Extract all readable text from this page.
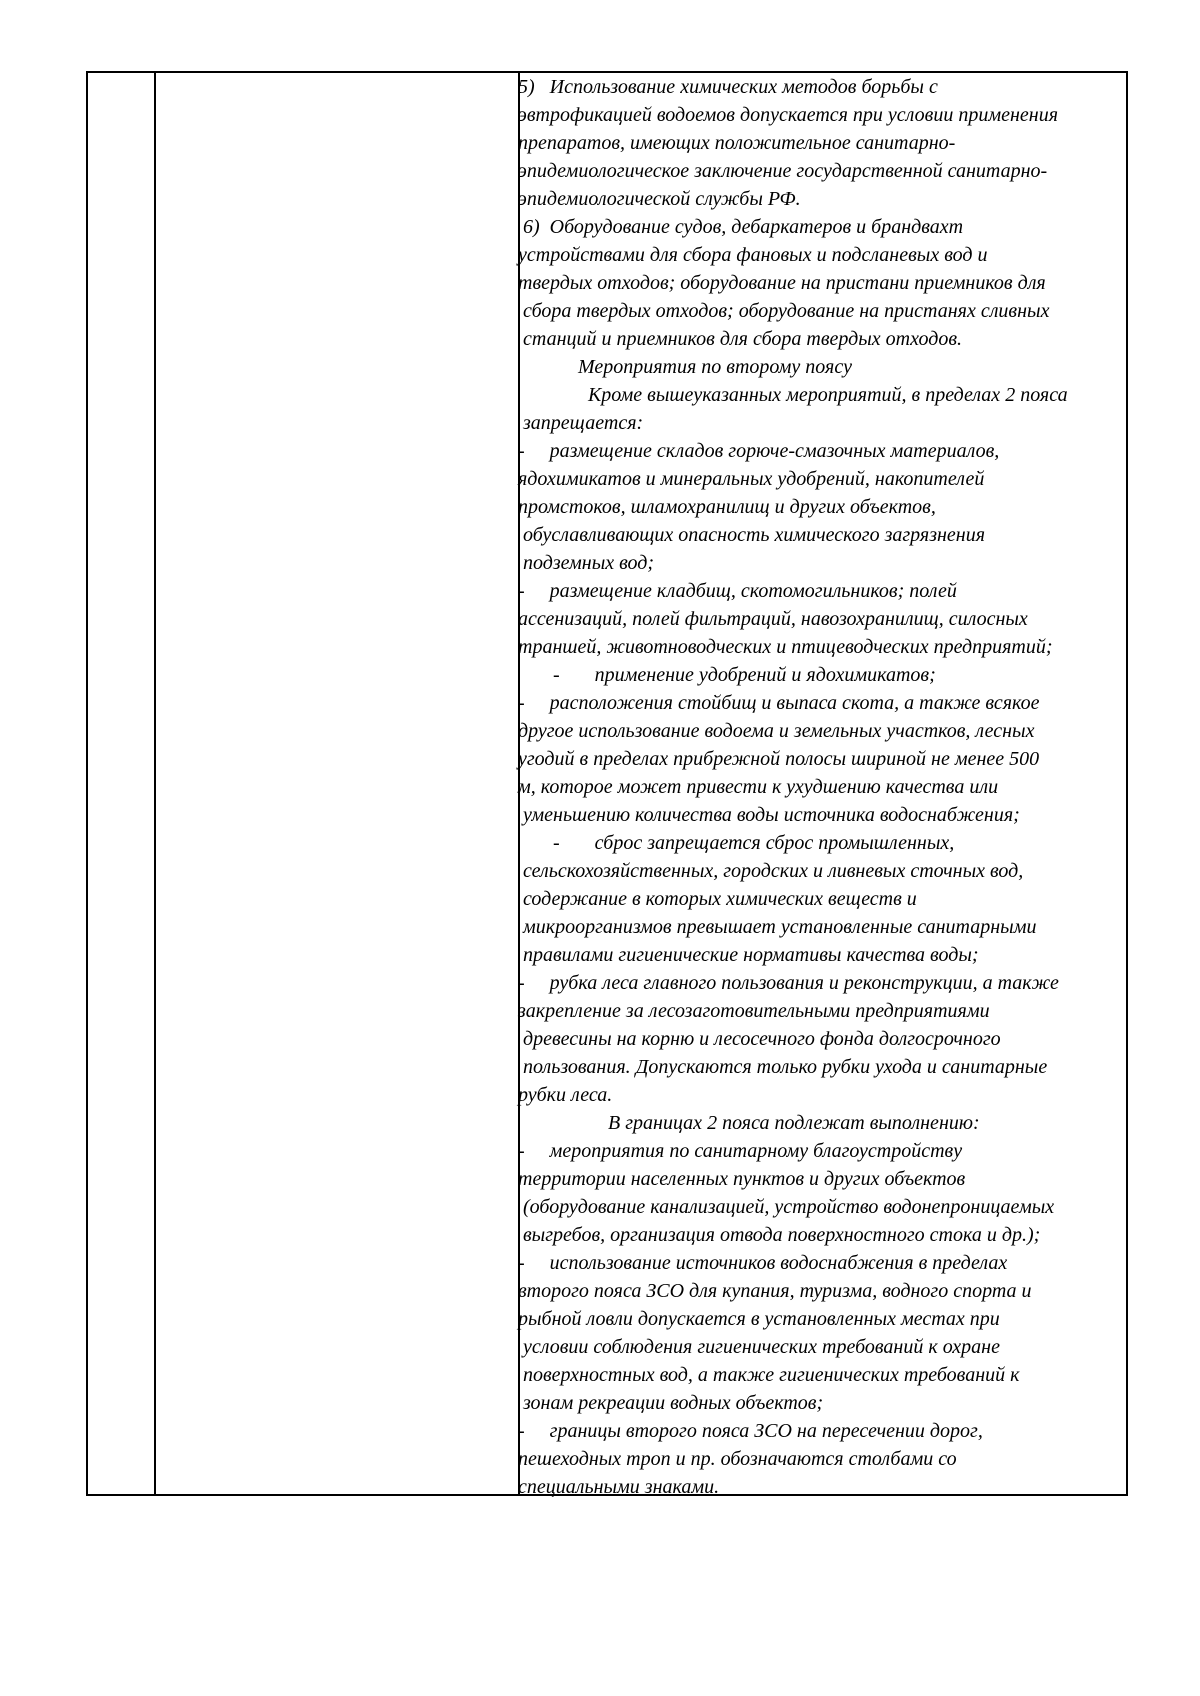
5)   Использование химических методов борьбы с
эвтрофикацией водоемов допускается при условии применения
препаратов, имеющих положительное санитарно-
эпидемиологическое заключение государственной санитарно-
эпидемиологической службы РФ.
6)  Оборудование судов, дебаркатеров и брандвахт
устройствами для сбора фановых и подсланевых вод и
твердых отходов; оборудование на пристани приемников для
сбора твердых отходов; оборудование на пристанях сливных
станций и приемников для сбора твердых отходов.
Мероприятия по второму поясу
Кроме вышеуказанных мероприятий, в пределах 2 пояса
запрещается:
-     размещение складов горюче-смазочных материалов,
ядохимикатов и минеральных удобрений, накопителей
промстоков, шламохранилищ и других объектов,
обуславливающих опасность химического загрязнения
подземных вод;
-     размещение кладбищ, скотомогильников; полей
ассенизаций, полей фильтраций, навозохранилищ, силосных
траншей, животноводческих и птицеводческих предприятий;
-       применение удобрений и ядохимикатов;
-     расположения стойбищ и выпаса скота, а также всякое
другое использование водоема и земельных участков, лесных
угодий в пределах прибрежной полосы шириной не менее 500
м, которое может привести к ухудшению качества или
уменьшению количества воды источника водоснабжения;
-       сброс запрещается сброс промышленных,
сельскохозяйственных, городских и ливневых сточных вод,
содержание в которых химических веществ и
микроорганизмов превышает установленные санитарными
правилами гигиенические нормативы качества воды;
-     рубка леса главного пользования и реконструкции, а также
закрепление за лесозаготовительными предприятиями
древесины на корню и лесосечного фонда долгосрочного
пользования. Допускаются только рубки ухода и санитарные
рубки леса.
В границах 2 пояса подлежат выполнению:
-     мероприятия по санитарному благоустройству
территории населенных пунктов и других объектов
(оборудование канализацией, устройство водонепроницаемых
выгребов, организация отвода поверхностного стока и др.);
-     использование источников водоснабжения в пределах
второго пояса ЗСО для купания, туризма, водного спорта и
рыбной ловли допускается в установленных местах при
условии соблюдения гигиенических требований к охране
поверхностных вод, а также гигиенических требований к
зонам рекреации водных объектов;
-     границы второго пояса ЗСО на пересечении дорог,
пешеходных троп и пр. обозначаются столбами со
специальными знаками.
